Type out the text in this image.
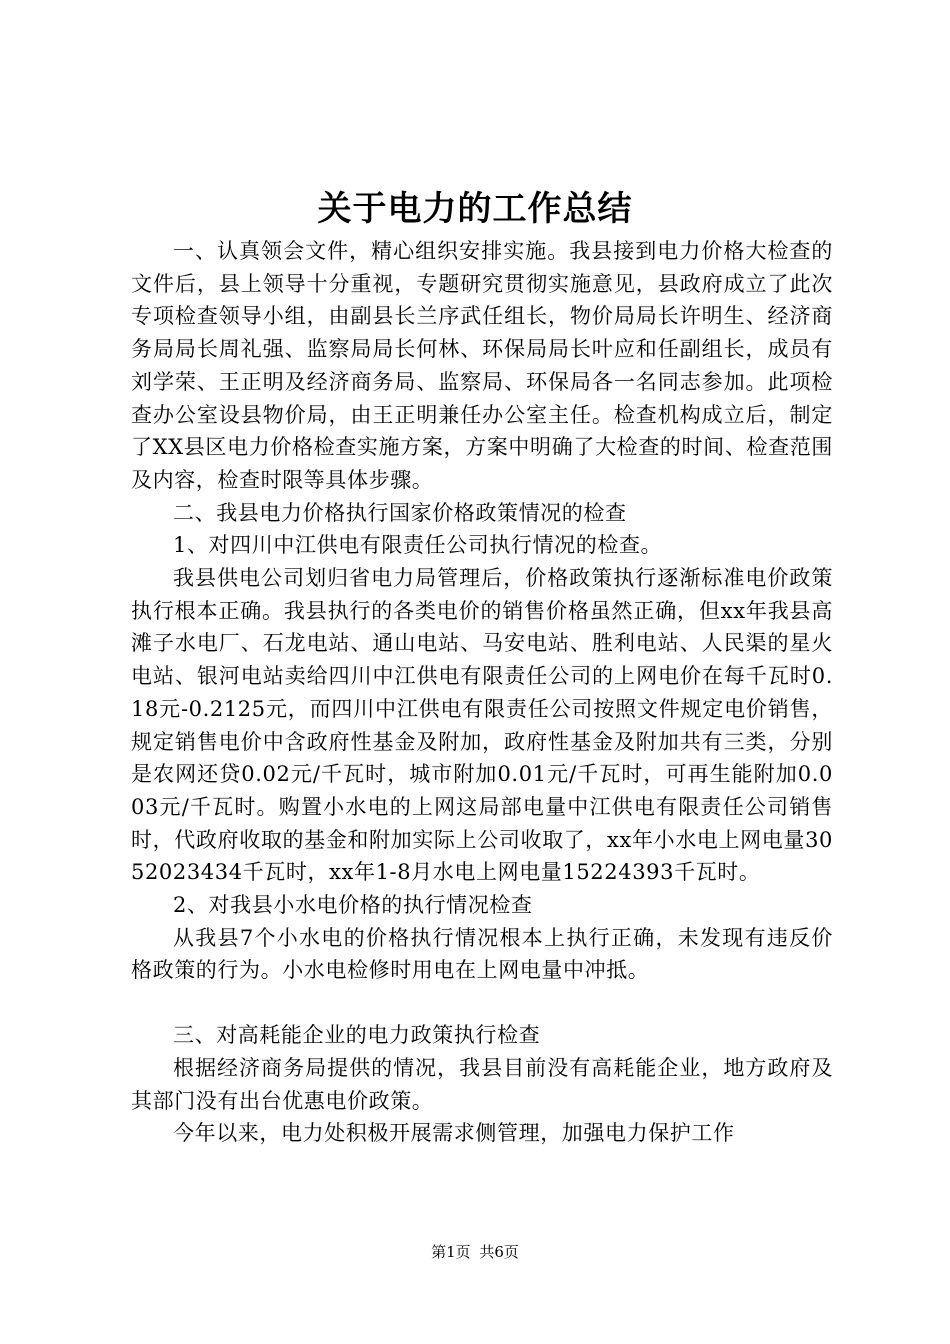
关于电力的工作总结

一、认真领会文件，精心组织安排实施。我县接到电力价格大检查的文件后，县上领导十分重视，专题研究贯彻实施意见，县政府成立了此次专项检查领导小组，由副县长兰序武任组长，物价局局长许明生、经济商务局局长周礼强、监察局局长何林、环保局局长叶应和任副组长，成员有刘学荣、王正明及经济商务局、监察局、环保局各一名同志参加。此项检查办公室设县物价局，由王正明兼任办公室主任。检查机构成立后，制定了XX县区电力价格检查实施方案，方案中明确了大检查的时间、检查范围及内容，检查时限等具体步骤。

二、我县电力价格执行国家价格政策情况的检查

1、对四川中江供电有限责任公司执行情况的检查。

我县供电公司划归省电力局管理后，价格政策执行逐渐标准电价政策执行根本正确。我县执行的各类电价的销售价格虽然正确，但xx年我县高滩子水电厂、石龙电站、通山电站、马安电站、胜利电站、人民渠的星火电站、银河电站卖给四川中江供电有限责任公司的上网电价在每千瓦时0.18元-0.2125元，而四川中江供电有限责任公司按照文件规定电价销售，规定销售电价中含政府性基金及附加，政府性基金及附加共有三类，分别是农网还贷0.02元/千瓦时，城市附加0.01元/千瓦时，可再生能附加0.003元/千瓦时。购置小水电的上网这局部电量中江供电有限责任公司销售时，代政府收取的基金和附加实际上公司收取了，xx年小水电上网电量3052023434千瓦时，xx年1-8月水电上网电量15224393千瓦时。

2、对我县小水电价格的执行情况检查

从我县7个小水电的价格执行情况根本上执行正确，未发现有违反价格政策的行为。小水电检修时用电在上网电量中冲抵。

三、对高耗能企业的电力政策执行检查

根据经济商务局提供的情况，我县目前没有高耗能企业，地方政府及其部门没有出台优惠电价政策。

今年以来，电力处积极开展需求侧管理，加强电力保护工作

第1页 共6页
